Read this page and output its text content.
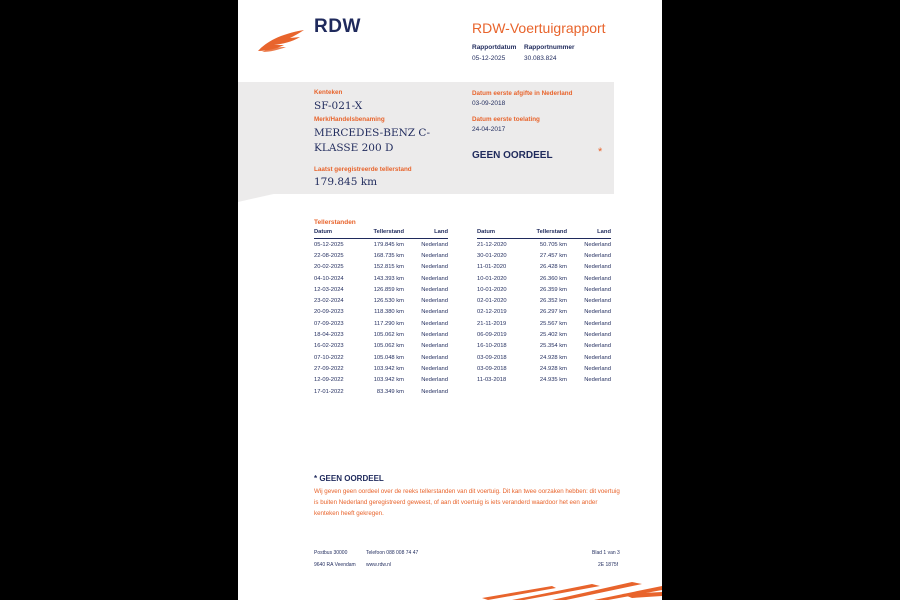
RDW	RDW-Voertuigrapport
Rapportdatum
05-12-2025
Rapportnummer
30.083.824
Kenteken
SF-021-X
Merk/Handelsbenaming
MERCEDES-BENZ C-
KLASSE 200 D
Laatst geregistreerde tellerstand
179.845 km
Datum eerste afgifte in Nederland
03-09-2018
Datum eerste toelating
24-04-2017
GEEN OORDEEL	*
Tellerstanden
Datum	Tellerstand	Land
05-12-2025	179.845 km	Nederland
22-08-2025	168.735 km	Nederland
20-02-2025	152.815 km	Nederland
04-10-2024	143.393 km	Nederland
12-03-2024	126.859 km	Nederland
23-02-2024	126.530 km	Nederland
20-09-2023	118.380 km	Nederland
07-09-2023	117.290 km	Nederland
18-04-2023	105.062 km	Nederland
16-02-2023	105.062 km	Nederland
07-10-2022	105.048 km	Nederland
27-09-2022	103.942 km	Nederland
12-09-2022	103.942 km	Nederland
17-01-2022	83.349 km	Nederland
Datum	Tellerstand	Land
21-12-2020	50.705 km	Nederland
30-01-2020	27.457 km	Nederland
11-01-2020	26.428 km	Nederland
10-01-2020	26.360 km	Nederland
10-01-2020	26.359 km	Nederland
02-01-2020	26.352 km	Nederland
02-12-2019	26.297 km	Nederland
21-11-2019	25.567 km	Nederland
06-09-2019	25.402 km	Nederland
16-10-2018	25.354 km	Nederland
03-09-2018	24.928 km	Nederland
03-09-2018	24.928 km	Nederland
11-03-2018	24.935 km	Nederland
* GEEN OORDEEL
Wij geven geen oordeel over de reeks tellerstanden van dit voertuig. Dit kan twee oorzaken hebben: dit voertuig is buiten Nederland geregistreerd geweest, of aan dit voertuig is iets veranderd waardoor het een ander kenteken heeft gekregen.
Postbus 30000
9640 RA Veendam
Telefoon 088 008 74 47
www.rdw.nl
Blad 1 van 3
2E 1875f
